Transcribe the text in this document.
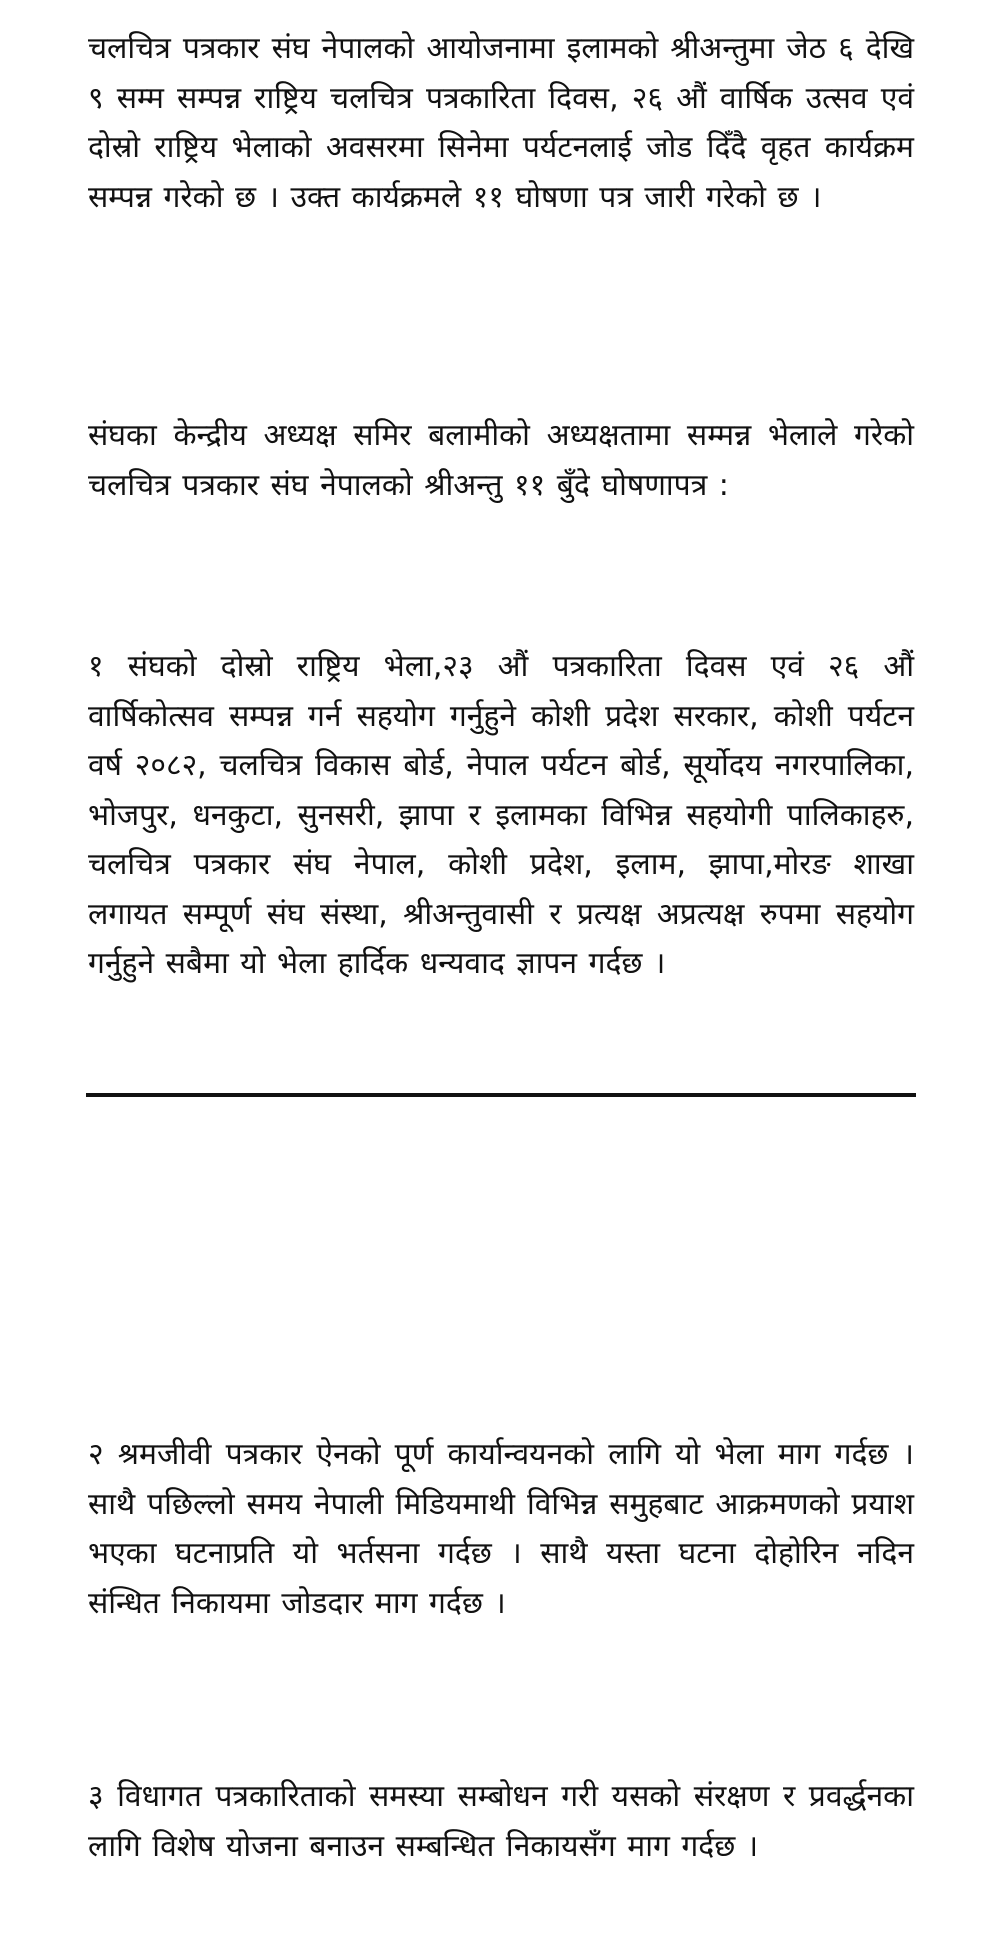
चलचित्र पत्रकार संघ नेपालको आयोजनामा इलामको श्रीअन्तुमा जेठ ६ देखि ९ सम्म सम्पन्न राष्ट्रिय चलचित्र पत्रकारिता दिवस, २६ औं वार्षिक उत्सव एवं दोस्रो राष्ट्रिय भेलाको अवसरमा सिनेमा पर्यटनलाई जोड दिँदै वृहत कार्यक्रम सम्पन्न गरेको छ । उक्त कार्यक्रमले ११ घोषणा पत्र जारी गरेको छ ।

संघका केन्द्रीय अध्यक्ष समिर बलामीको अध्यक्षतामा सम्मन्न भेलाले गरेको चलचित्र पत्रकार संघ नेपालको श्रीअन्तु ११ बुँदे घोषणापत्र :

१ संघको दोस्रो राष्ट्रिय भेला,२३ औं पत्रकारिता दिवस एवं २६ औं वार्षिकोत्सव सम्पन्न गर्न सहयोग गर्नुहुने कोशी प्रदेश सरकार, कोशी पर्यटन वर्ष २०८२, चलचित्र विकास बोर्ड, नेपाल पर्यटन बोर्ड, सूर्योदय नगरपालिका, भोजपुर, धनकुटा, सुनसरी, झापा र इलामका विभिन्न सहयोगी पालिकाहरु, चलचित्र पत्रकार संघ नेपाल, कोशी प्रदेश, इलाम, झापा,मोरङ शाखा लगायत सम्पूर्ण संघ संस्था, श्रीअन्तुवासी र प्रत्यक्ष अप्रत्यक्ष रुपमा सहयोग गर्नुहुने सबैमा यो भेला हार्दिक धन्यवाद ज्ञापन गर्दछ ।

२ श्रमजीवी पत्रकार ऐनको पूर्ण कार्यान्वयनको लागि यो भेला माग गर्दछ । साथै पछिल्लो समय नेपाली मिडियमाथी विभिन्न समुहबाट आक्रमणको प्रयाश भएका घटनाप्रति यो भर्तसना गर्दछ । साथै यस्ता घटना दोहोरिन नदिन संन्धित निकायमा जोडदार माग गर्दछ ।

३ विधागत पत्रकारिताको समस्या सम्बोधन गरी यसको संरक्षण र प्रवर्द्धनका लागि विशेष योजना बनाउन सम्बन्धित निकायसँग माग गर्दछ ।
